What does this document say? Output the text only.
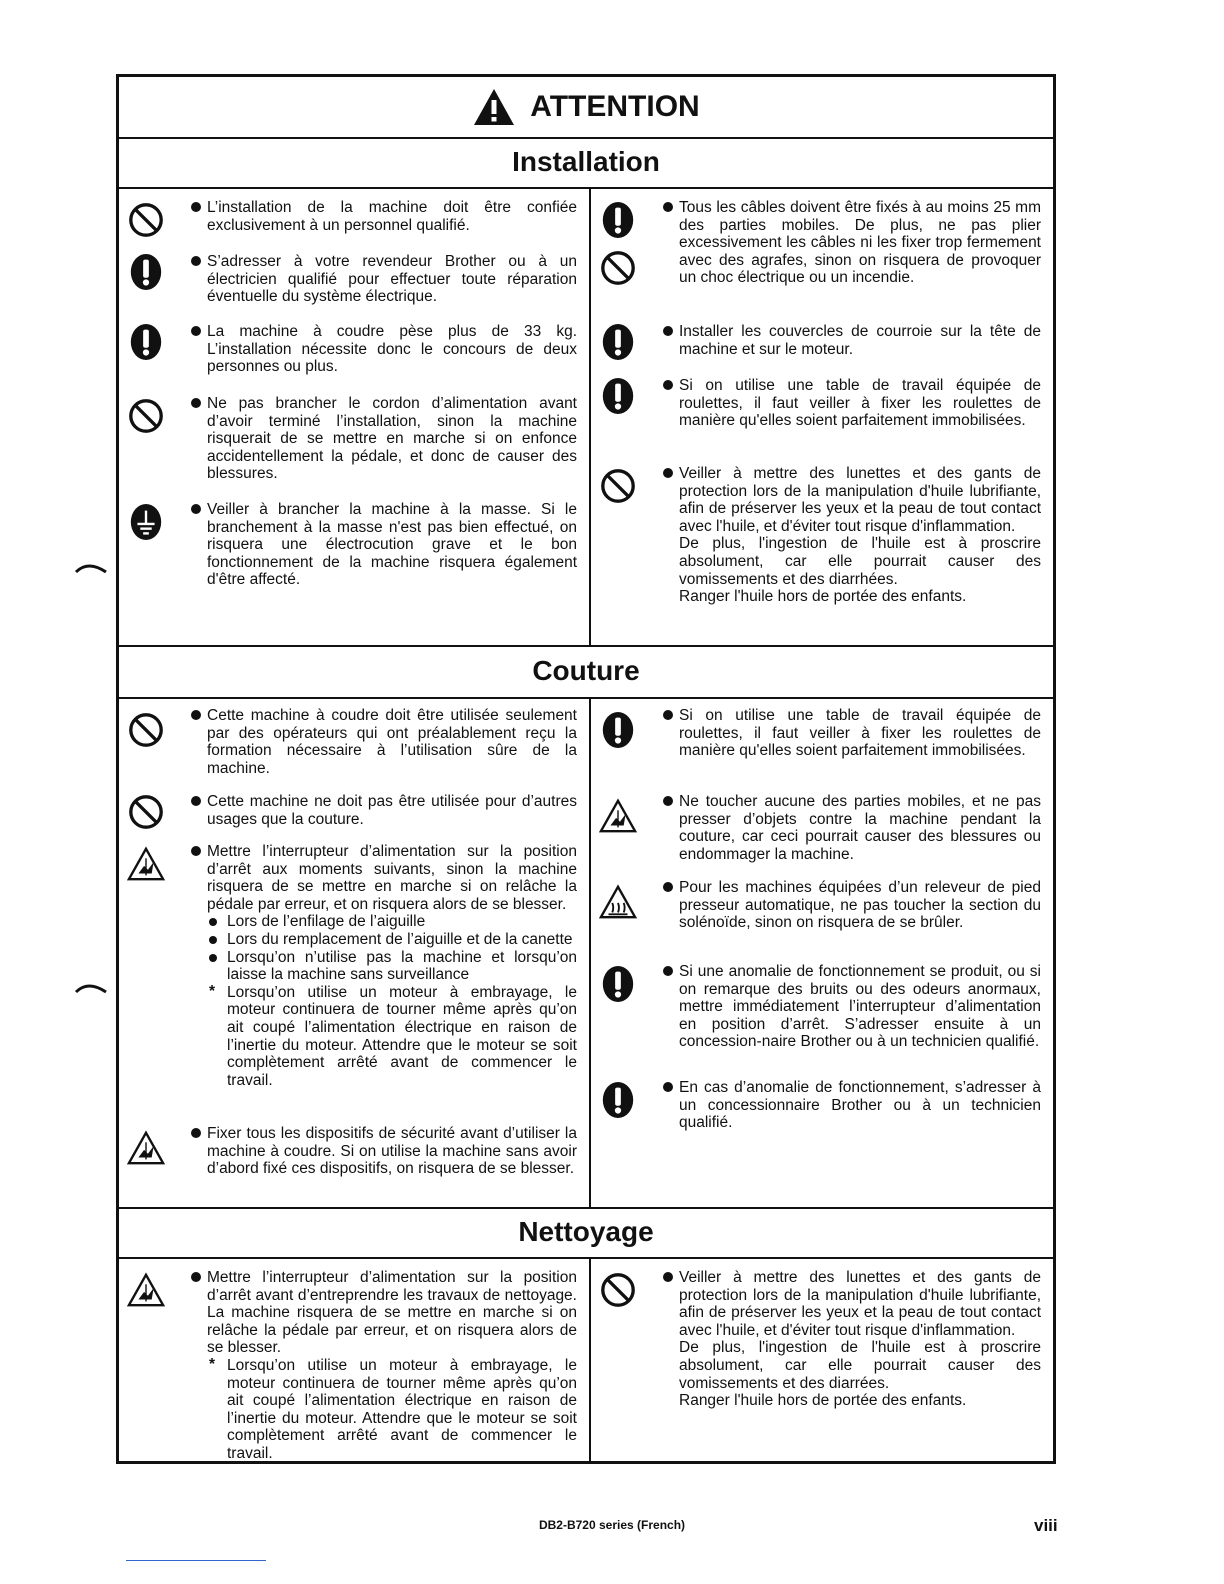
ATTENTION
Installation
L’installation de la machine doit être confiée exclusivement à un personnel qualifié.
S’adresser à votre revendeur Brother ou à un électricien qualifié pour effectuer toute réparation éventuelle du système électrique.
La machine à coudre pèse plus de 33 kg. L’installation nécessite donc le concours de deux personnes ou plus.
Ne pas brancher le cordon d’alimentation avant d’avoir terminé l’installation, sinon la machine risquerait de se mettre en marche si on enfonce accidentellement la pédale, et donc de causer des blessures.
Veiller à brancher la machine à la masse. Si le branchement à la masse n'est pas bien effectué, on risquera une électrocution grave et le bon fonctionnement de la machine risquera également d'être affecté.
Tous les câbles doivent être fixés à au moins 25 mm des parties mobiles. De plus, ne pas plier excessivement les câbles ni les fixer trop fermement avec des agrafes, sinon on risquera de provoquer un choc électrique ou un incendie.
Installer les couvercles de courroie sur la tête de machine et sur le moteur.
Si on utilise une table de travail équipée de roulettes, il faut veiller à fixer les roulettes de manière qu'elles soient parfaitement immobilisées.

Veiller à mettre des lunettes et des gants de protection lors de la manipulation d'huile lubrifiante, afin de préserver les yeux et la peau de tout contact avec l'huile, et d'éviter tout risque d'inflammation.

De plus, l'ingestion de l'huile est à proscrire absolument, car elle pourrait causer des vomissements et des diarrhées.

Ranger l'huile hors de portée des enfants.

Couture
Cette machine à coudre doit être utilisée seulement par des opérateurs qui ont préalablement reçu la formation nécessaire à l’utilisation sûre de la machine.
Cette machine ne doit pas être utilisée pour d’autres usages que la couture.

Mettre l’interrupteur d’alimentation sur la position d’arrêt aux moments suivants, sinon la machine risquera de se mettre en marche si on relâche la pédale par erreur, et on risquera alors de se blesser.

Lors de l’enfilage de l’aiguille
Lors du remplacement de l’aiguille et de la canette
Lorsqu’on n’utilise pas la machine et lorsqu’on laisse la machine sans surveillance
* Lorsqu’on utilise un moteur à embrayage, le moteur continuera de tourner même après qu’on ait coupé l’alimentation électrique en raison de l’inertie du moteur. Attendre que le moteur se soit complètement arrêté avant de commencer le travail.
Fixer tous les dispositifs de sécurité avant d’utiliser la machine à coudre. Si on utilise la machine sans avoir d’abord fixé ces dispositifs, on risquera de se blesser.
Si on utilise une table de travail équipée de roulettes, il faut veiller à fixer les roulettes de manière qu'elles soient parfaitement immobilisées.
Ne toucher aucune des parties mobiles, et ne pas presser d’objets contre la machine pendant la couture, car ceci pourrait causer des blessures ou endommager la machine.
Pour les machines équipées d’un releveur de pied presseur automatique, ne pas toucher la section du solénoïde, sinon on risquera de se brûler.
Si une anomalie de fonctionnement se produit, ou si on remarque des bruits ou des odeurs anormaux, mettre immédiatement l’interrupteur d’alimentation en position d’arrêt. S’adresser ensuite à un concession-naire Brother ou à un technicien qualifié.
En cas d’anomalie de fonctionnement, s’adresser à un concessionnaire Brother ou à un technicien qualifié.
Nettoyage

Mettre l’interrupteur d’alimentation sur la position d’arrêt avant d’entreprendre les travaux de nettoyage. La machine risquera de se mettre en marche si on relâche la pédale par erreur, et on risquera alors de se blesser.

* Lorsqu’on utilise un moteur à embrayage, le moteur continuera de tourner même après qu’on ait coupé l’alimentation électrique en raison de l’inertie du moteur. Attendre que le moteur se soit complètement arrêté avant de commencer le travail.

Veiller à mettre des lunettes et des gants de protection lors de la manipulation d'huile lubrifiante, afin de préserver les yeux et la peau de tout contact avec l'huile, et d'éviter tout risque d'inflammation.

De plus, l'ingestion de l'huile est à proscrire absolument, car elle pourrait causer des vomissements et des diarrées.

Ranger l'huile hors de portée des enfants.

DB2-B720 series (French)	viii
